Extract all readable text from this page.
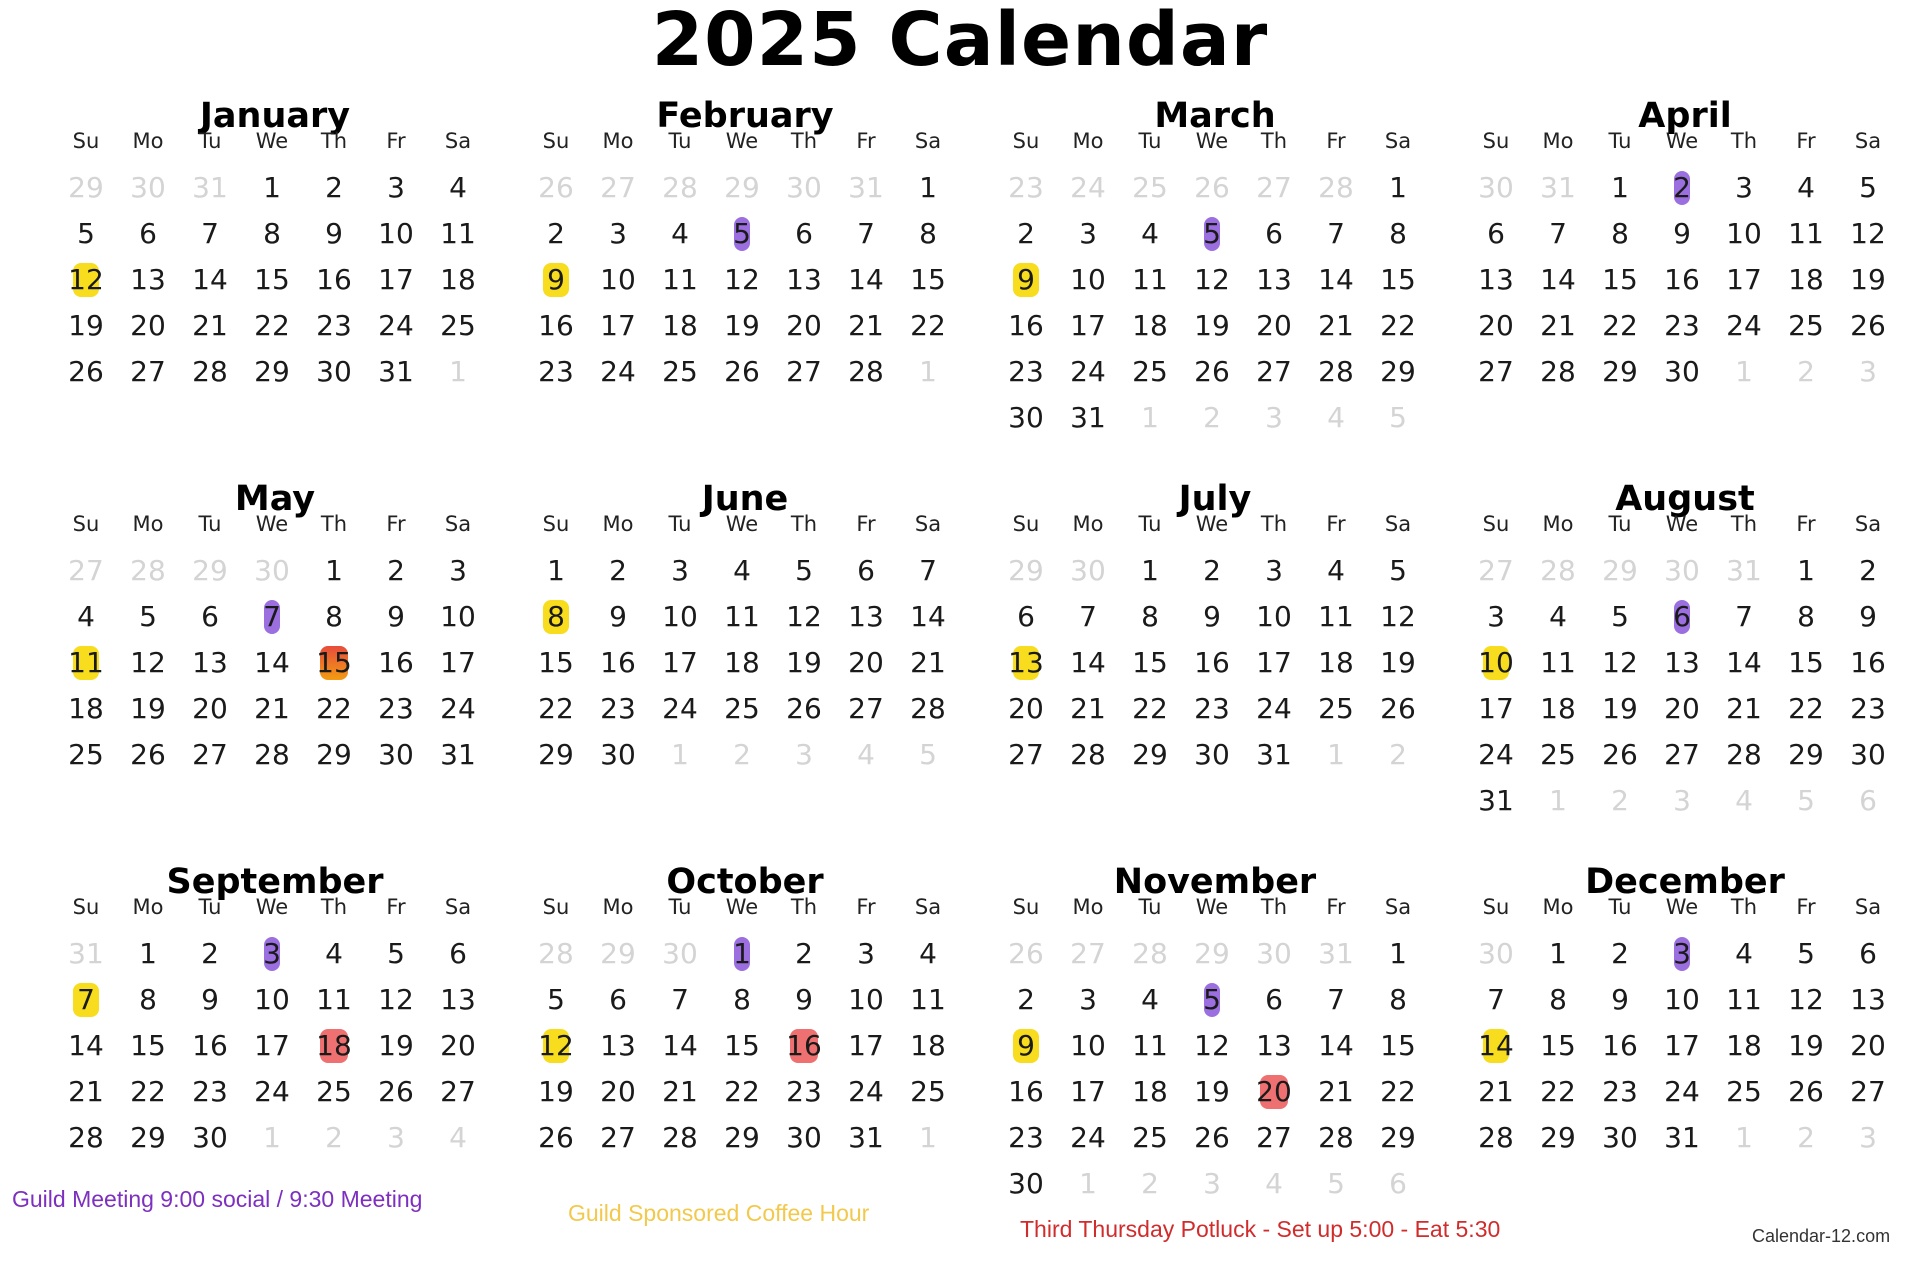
2025 Calendar
January
Su	Mo	Tu	We	Th	Fr	Sa
29 30 31	1	2	3	4
5	6	7	8	9	10 11
12 13 14 15 16 17 18
19 20 21 22 23 24 25
26 27 28 29 30 31	1
February
Su	Mo	Tu	We	Th	Fr	Sa
26 27 28 29 30 31	1
2	3	4	5	6	7	8
9	10 11 12 13 14 15
16 17 18 19 20 21 22
23 24 25 26 27 28	1
March
Su	Mo	Tu	We	Th	Fr	Sa
23 24 25 26 27 28	1
2	3	4	5	6	7	8
9	10 11 12 13 14 15
16 17 18 19 20 21 22
23 24 25 26 27 28 29
30 31	1	2	3	4	5
April
Su	Mo	Tu	We	Th	Fr	Sa
30 31	1	2	3	4	5
6	7	8	9	10 11 12
13 14 15 16 17 18 19
20 21 22 23 24 25 26
27 28 29 30	1	2	3
May
Su	Mo	Tu	We	Th	Fr	Sa
27 28 29 30	1	2	3
4	5	6	7	8	9	10
11 12 13 14 15 16 17
18 19 20 21 22 23 24
25 26 27 28 29 30 31
June
Su	Mo	Tu	We	Th	Fr	Sa
1	2	3	4	5	6	7
8	9	10 11 12 13 14
15 16 17 18 19 20 21
22 23 24 25 26 27 28
29 30	1	2	3	4	5
July
Su	Mo	Tu	We	Th	Fr	Sa
29 30	1	2	3	4	5
6	7	8	9	10 11 12
13 14 15 16 17 18 19
20 21 22 23 24 25 26
27 28 29 30 31	1	2
August
Su	Mo	Tu	We	Th	Fr	Sa
27 28 29 30 31	1	2
3	4	5	6	7	8	9
10 11 12 13 14 15 16
17 18 19 20 21 22 23
24 25 26 27 28 29 30
31	1	2	3	4	5	6
September
Su	Mo	Tu	We	Th	Fr	Sa
31	1	2	3	4	5	6
7	8	9	10 11 12 13
14 15 16 17 18 19 20
21 22 23 24 25 26 27
28 29 30	1	2	3	4
October
Su	Mo	Tu	We	Th	Fr	Sa
28 29 30	1	2	3	4
5	6	7	8	9	10 11
12 13 14 15 16 17 18
19 20 21 22 23 24 25
26 27 28 29 30 31	1
November
Su	Mo	Tu	We	Th	Fr	Sa
26 27 28 29 30 31	1
2	3	4	5	6	7	8
9	10 11 12 13 14 15
16 17 18 19 20 21 22
23 24 25 26 27 28 29
30	1	2	3	4	5	6
December
Su	Mo	Tu	We	Th	Fr	Sa
30	1	2	3	4	5	6
7	8	9	10 11 12 13
14 15 16 17 18 19 20
21 22 23 24 25 26 27
28 29 30 31	1	2	3
Guild Meeting 9:00 social / 9:30 Meeting
Guild Sponsored Coffee Hour
Third Thursday Potluck - Set up 5:00 - Eat 5:30	Calendar-12.com
